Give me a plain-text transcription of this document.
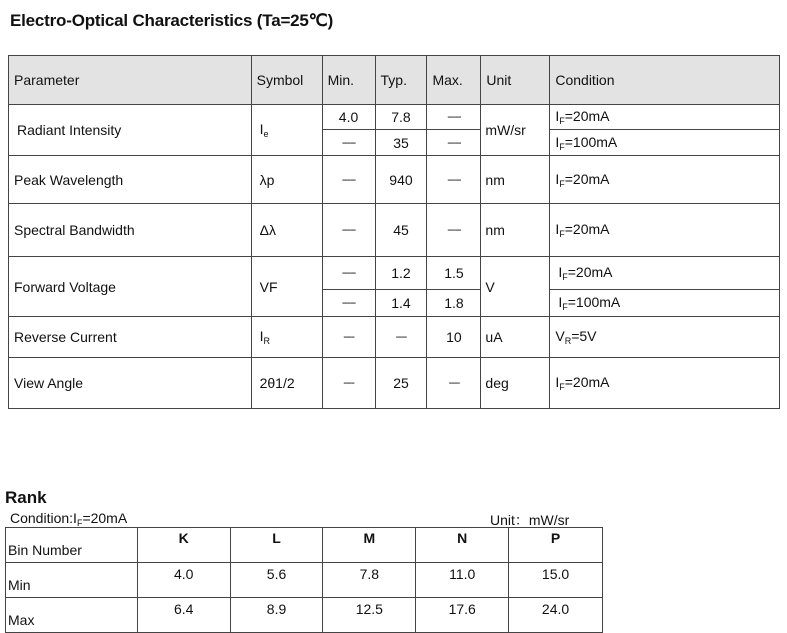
Electro-Optical Characteristics (Ta=25℃)
Parameter	Symbol	Min.	Typ.	Max.	Unit	Condition
Radiant Intensity	$I_e$	4.0	7.8	-----	mW/sr	$I_F=20mA$
		-----	35	-----		$I_F=100mA$
Peak Wavelength	λp	-----	940	-----	nm	$I_F=20mA$
Spectral Bandwidth	Δλ	-----	45	-----	nm	$I_F=20mA$
Forward Voltage	VF	-----	1.2	1.5	V	$I_F=20mA$
		-----	1.4	1.8		$I_F=100mA$
Reverse Current	$I_R$	----	----	10	uA	$V_R=5V$
View Angle	2θ1/2	----	25	----	deg	$I_F=20mA$
Rank
$Condition:I_F=20mA$	Unit：mW/sr
Bin Number	K	L	M	N	P
Min	4.0	5.6	7.8	11.0	15.0
Max	6.4	8.9	12.5	17.6	24.0
